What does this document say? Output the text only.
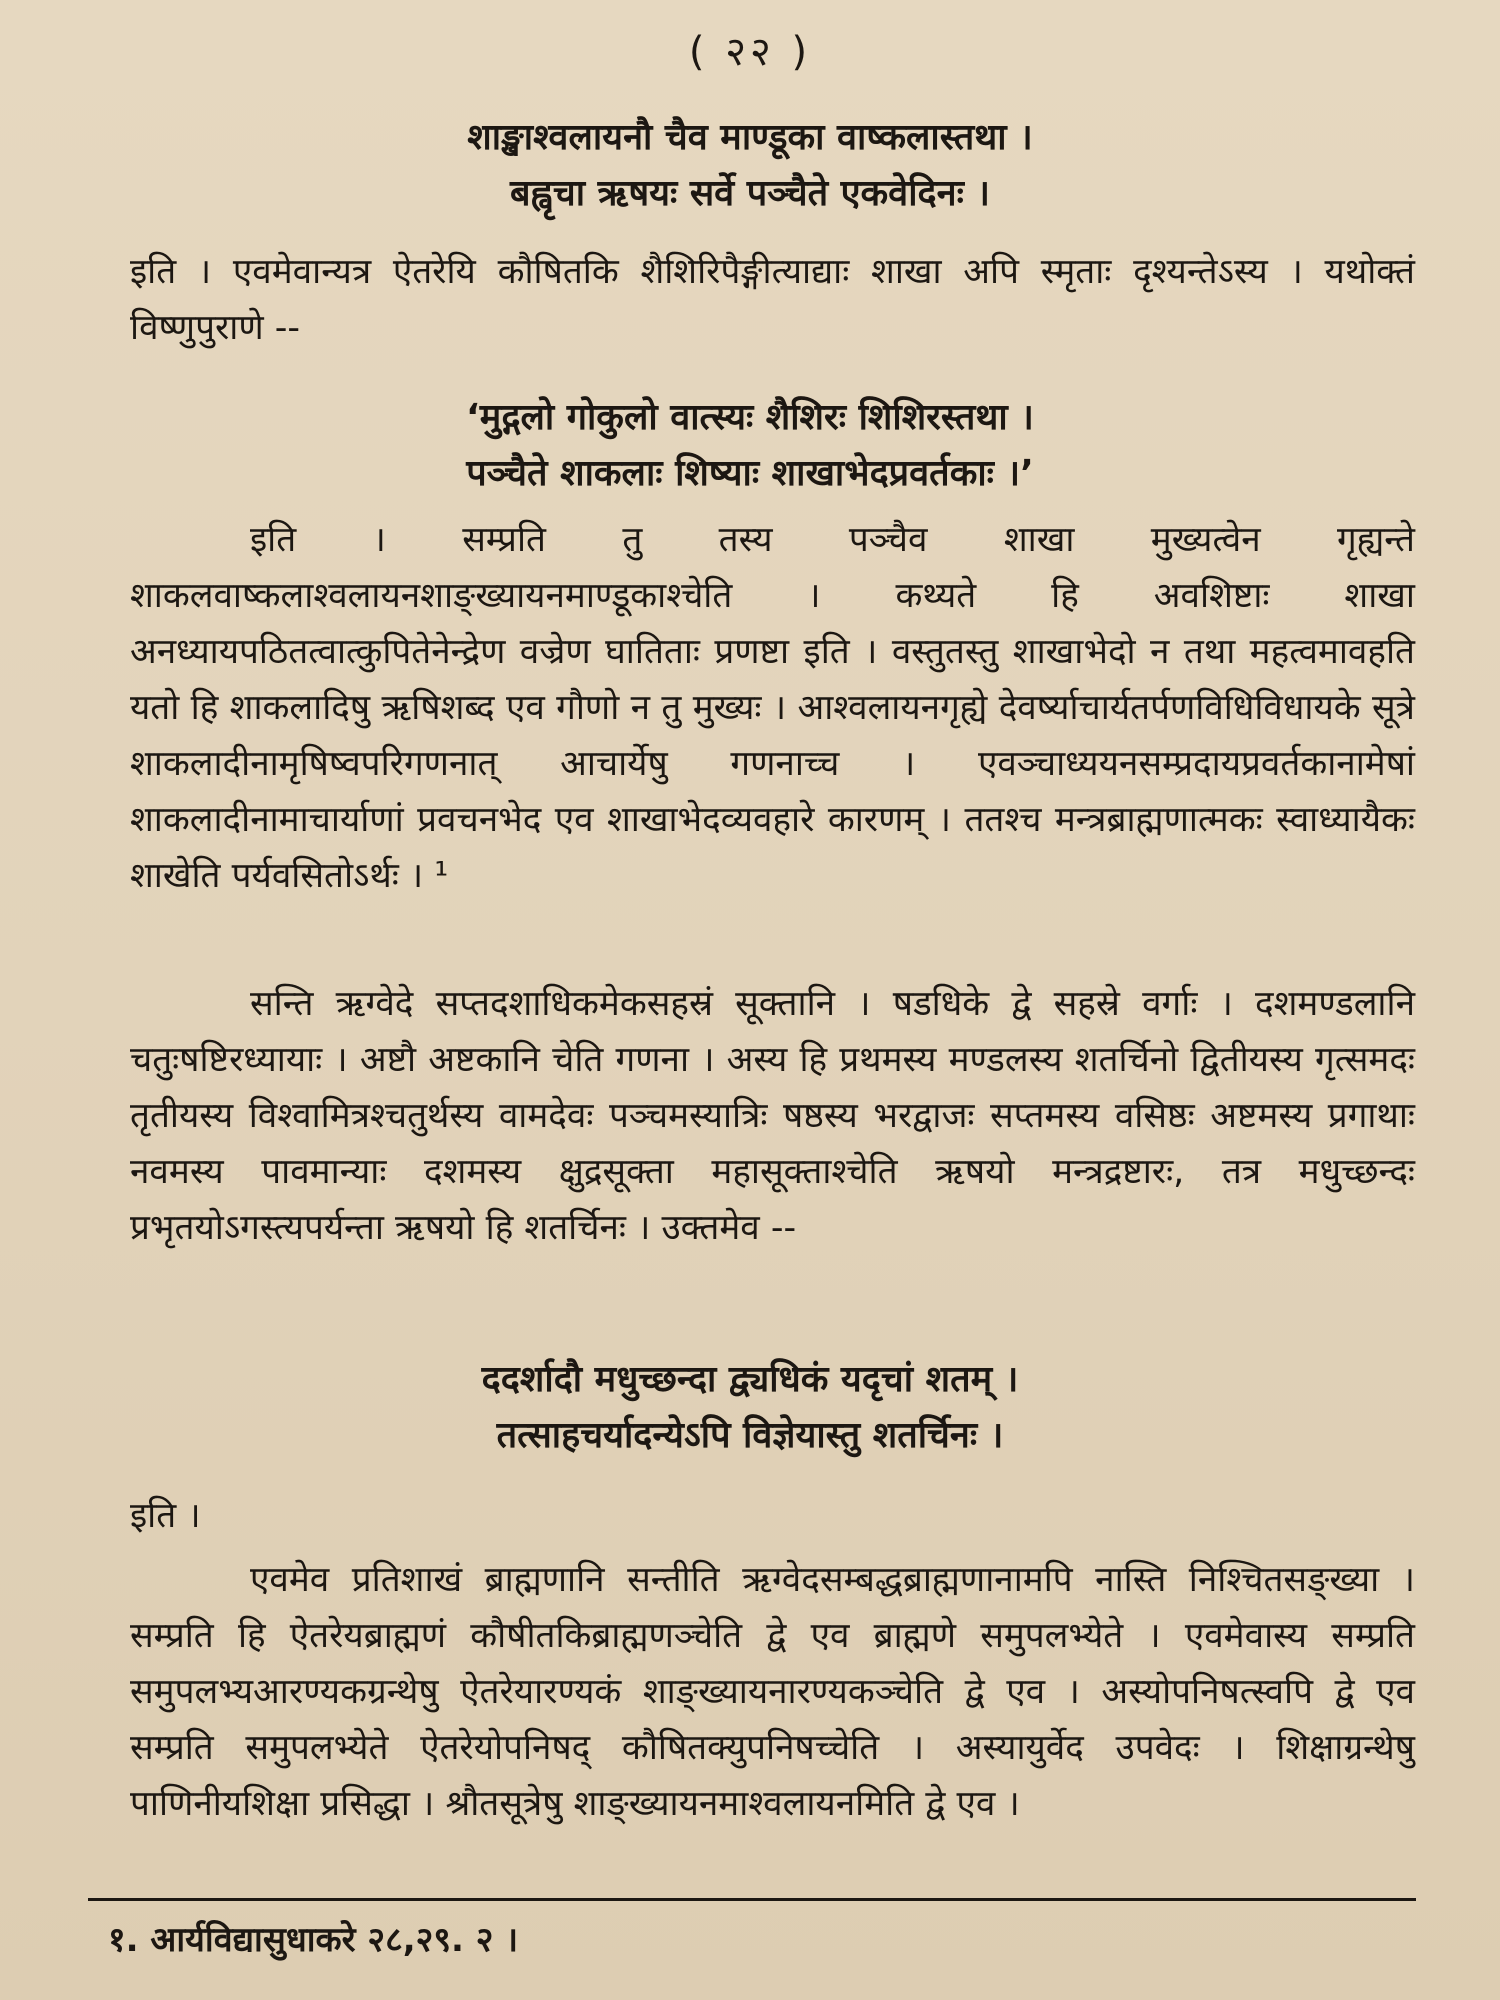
( २२ )
शाङ्खाश्वलायनौ चैव माण्डूका वाष्कलास्तथा ।
बह्वृचा ऋषयः सर्वे पञ्चैते एकवेदिनः ।
इति । एवमेवान्यत्र ऐतरेयि कौषितकि शैशिरिपैङ्गीत्याद्याः शाखा अपि स्मृताः दृश्यन्तेऽस्य । यथोक्तं विष्णुपुराणे --
‘मुद्गलो गोकुलो वात्स्यः शैशिरः शिशिरस्तथा ।
पञ्चैते शाकलाः शिष्याः शाखाभेदप्रवर्तकाः ।’
इति । सम्प्रति तु तस्य पञ्चैव शाखा मुख्यत्वेन गृह्यन्ते शाकलवाष्कलाश्वलायनशाङ्ख्यायनमाण्डूकाश्चेति । कथ्यते हि अवशिष्टाः शाखा अनध्यायपठितत्वात्कुपितेनेन्द्रेण वज्रेण घातिताः प्रणष्टा इति । वस्तुतस्तु शाखाभेदो न तथा महत्वमावहति यतो हि शाकलादिषु ऋषिशब्द एव गौणो न तु मुख्यः । आश्वलायनगृह्ये देवर्ष्याचार्यतर्पणविधिविधायके सूत्रे शाकलादीनामृषिष्वपरिगणनात् आचार्येषु गणनाच्च । एवञ्चाध्ययनसम्प्रदायप्रवर्तकानामेषां शाकलादीनामाचार्याणां प्रवचनभेद एव शाखाभेदव्यवहारे कारणम् । ततश्च मन्त्रब्राह्मणात्मकः स्वाध्यायैकः शाखेति पर्यवसितोऽर्थः । ¹
सन्ति ऋग्वेदे सप्तदशाधिकमेकसहस्रं सूक्तानि । षडधिके द्वे सहस्रे वर्गाः । दशमण्डलानि चतुःषष्टिरध्यायाः । अष्टौ अष्टकानि चेति गणना । अस्य हि प्रथमस्य मण्डलस्य शतर्चिनो द्वितीयस्य गृत्समदः तृतीयस्य विश्वामित्रश्चतुर्थस्य वामदेवः पञ्चमस्यात्रिः षष्ठस्य भरद्वाजः सप्तमस्य वसिष्ठः अष्टमस्य प्रगाथाः नवमस्य पावमान्याः दशमस्य क्षुद्रसूक्ता महासूक्ताश्चेति ऋषयो मन्त्रद्रष्टारः, तत्र मधुच्छन्दः प्रभृतयोऽगस्त्यपर्यन्ता ऋषयो हि शतर्चिनः । उक्तमेव --
ददर्शादौ मधुच्छन्दा द्व्यधिकं यदृचां शतम् ।
तत्साहचर्यादन्येऽपि विज्ञेयास्तु शतर्चिनः ।
इति ।
एवमेव प्रतिशाखं ब्राह्मणानि सन्तीति ऋग्वेदसम्बद्धब्राह्मणानामपि नास्ति निश्चितसङ्ख्या । सम्प्रति हि ऐतरेयब्राह्मणं कौषीतकिब्राह्मणञ्चेति द्वे एव ब्राह्मणे समुपलभ्येते । एवमेवास्य सम्प्रति समुपलभ्यआरण्यकग्रन्थेषु ऐतरेयारण्यकं शाङ्ख्यायनारण्यकञ्चेति द्वे एव । अस्योपनिषत्स्वपि द्वे एव सम्प्रति समुपलभ्येते ऐतरेयोपनिषद् कौषितक्युपनिषच्चेति । अस्यायुर्वेद उपवेदः । शिक्षाग्रन्थेषु पाणिनीयशिक्षा प्रसिद्धा । श्रौतसूत्रेषु शाङ्ख्यायनमाश्वलायनमिति द्वे एव ।
१. आर्यविद्यासुधाकरे २८,२९. २ ।
